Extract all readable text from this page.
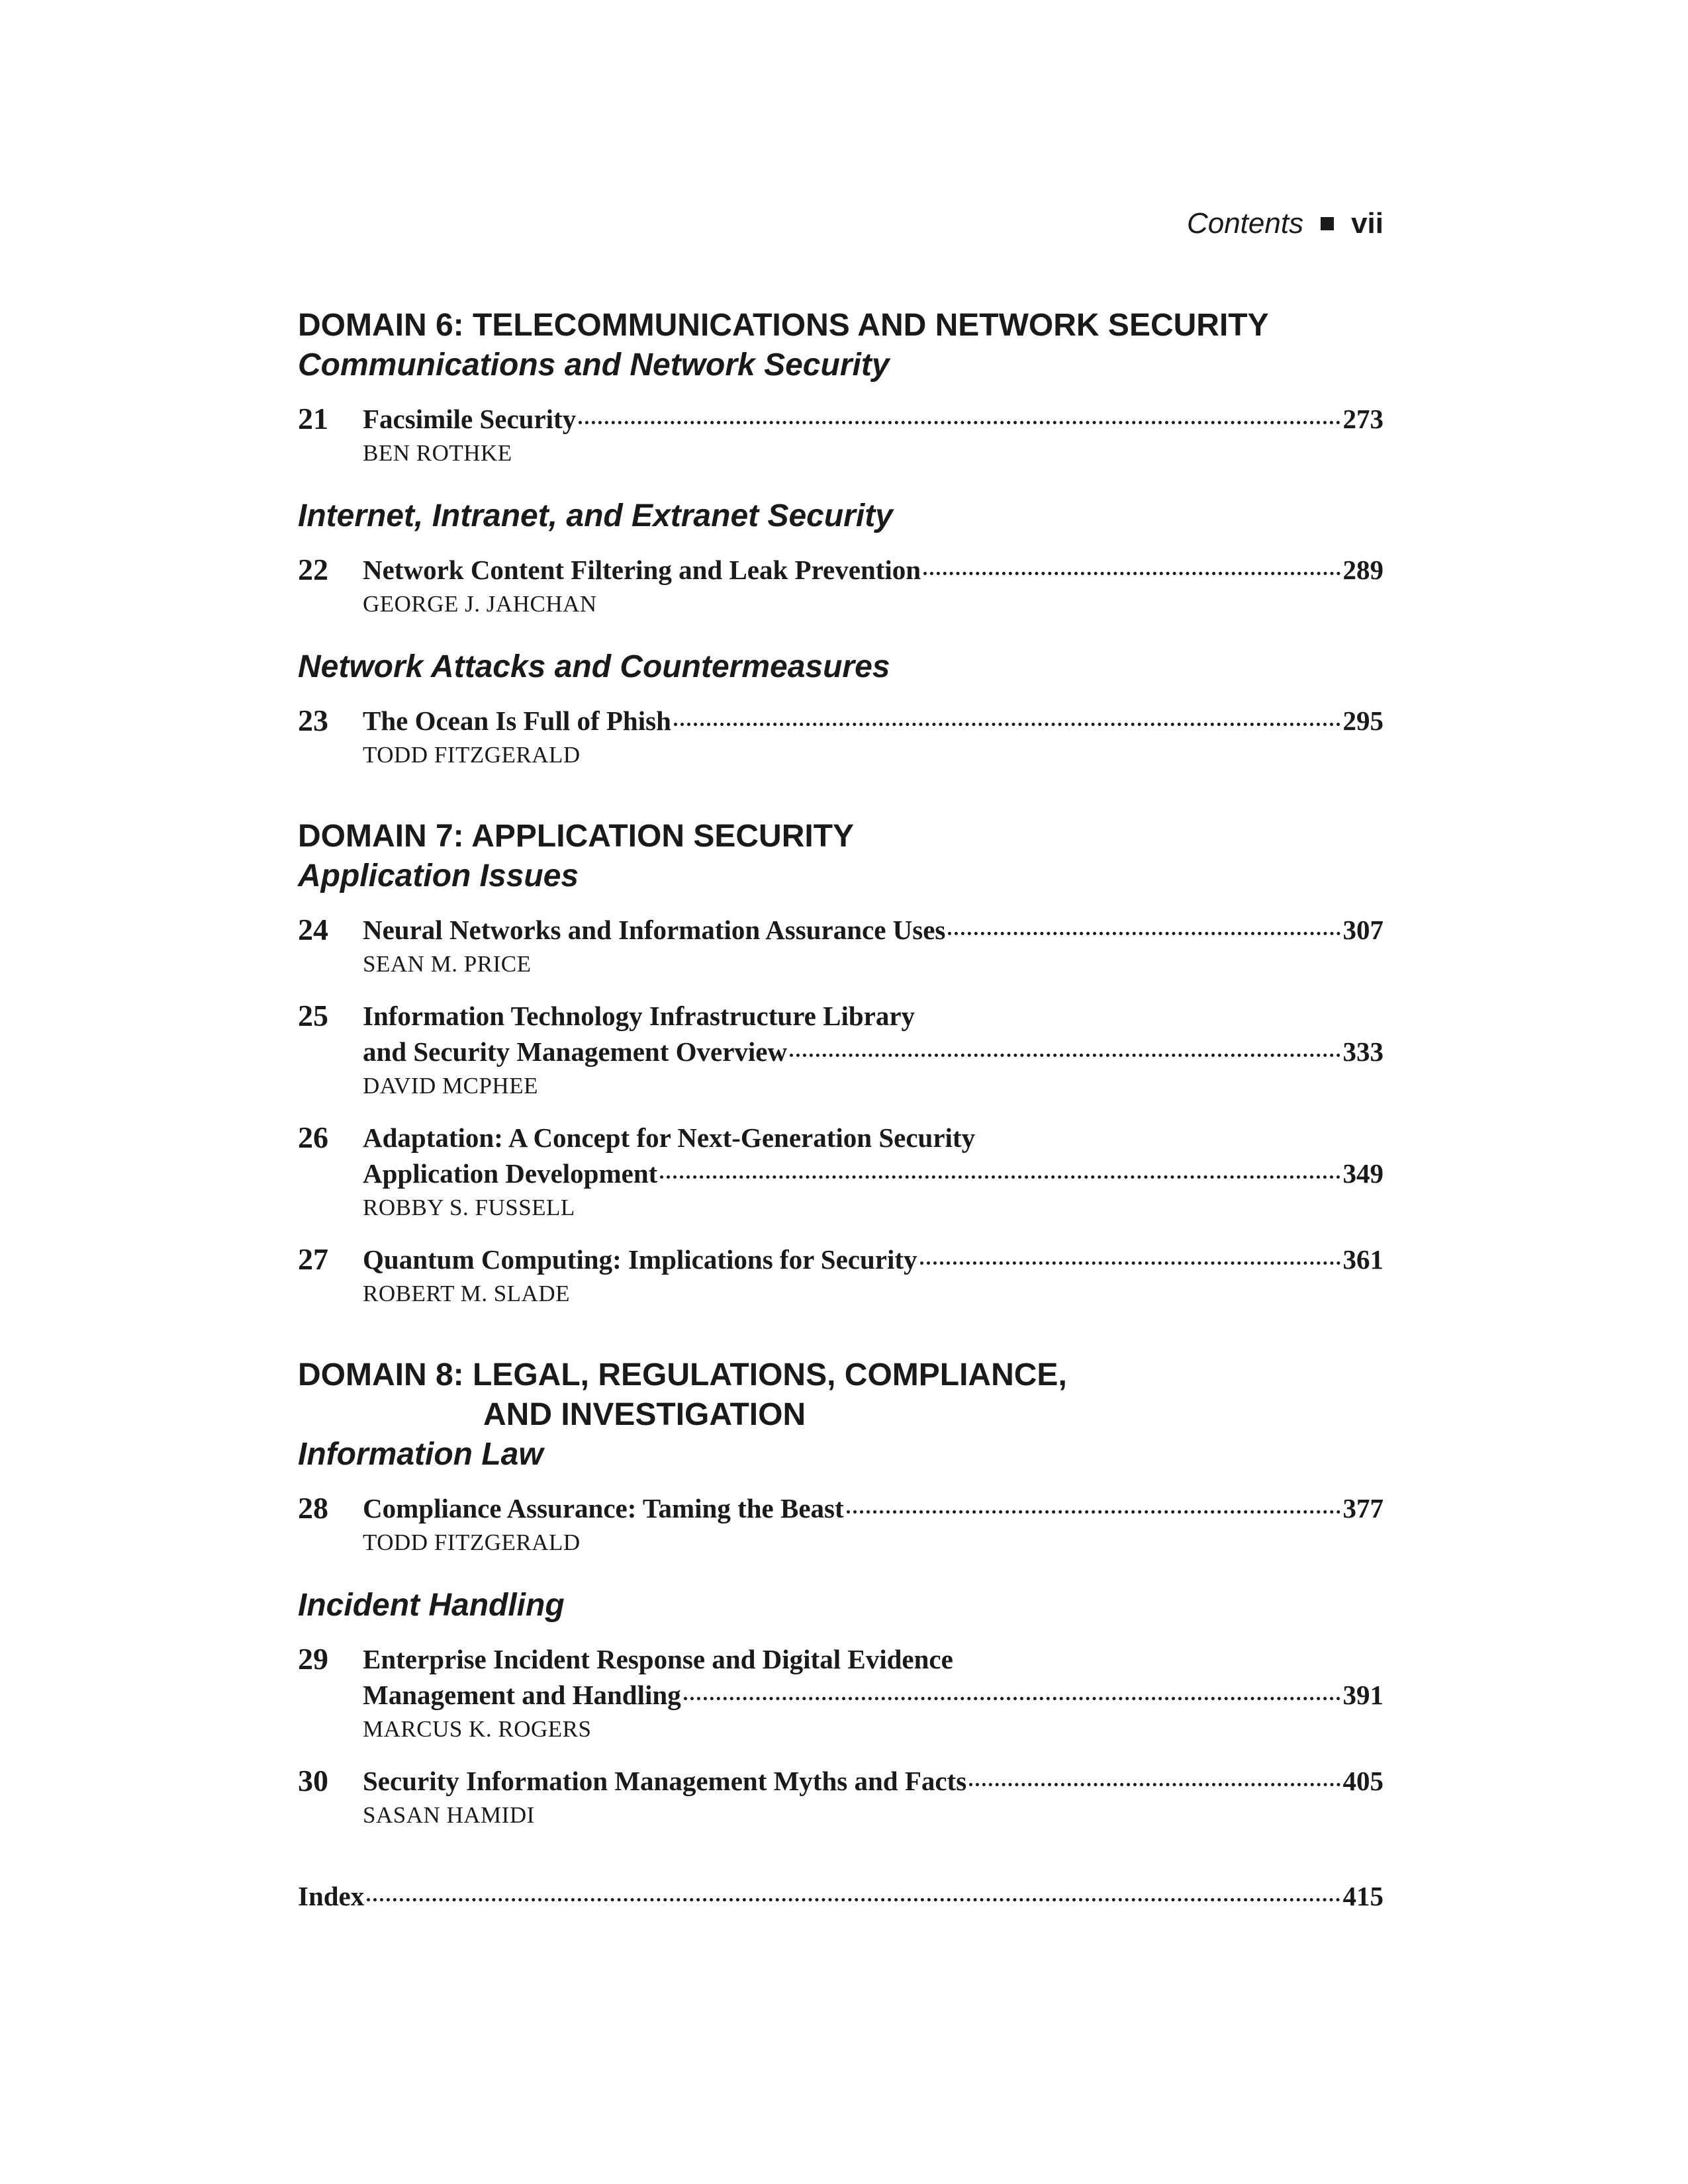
Contents vii
DOMAIN 6: TELECOMMUNICATIONS AND NETWORK SECURITY
Communications and Network Security
21	Facsimile Security	273
BEN ROTHKE
Internet, Intranet, and Extranet Security
22	Network Content Filtering and Leak Prevention	289
GEORGE J. JAHCHAN
Network Attacks and Countermeasures
23	The Ocean Is Full of Phish	295
TODD FITZGERALD
DOMAIN 7: APPLICATION SECURITY
Application Issues
24	Neural Networks and Information Assurance Uses	307
SEAN M. PRICE
25	Information Technology Infrastructure Library
and Security Management Overview	333
DAVID MCPHEE
26	Adaptation: A Concept for Next-Generation Security
Application Development	349
ROBBY S. FUSSELL
27	Quantum Computing: Implications for Security	361
ROBERT M. SLADE
DOMAIN 8: LEGAL, REGULATIONS, COMPLIANCE,
AND INVESTIGATION
Information Law
28	Compliance Assurance: Taming the Beast	377
TODD FITZGERALD
Incident Handling
29	Enterprise Incident Response and Digital Evidence
Management and Handling	391
MARCUS K. ROGERS
30	Security Information Management Myths and Facts	405
SASAN HAMIDI
Index	415
